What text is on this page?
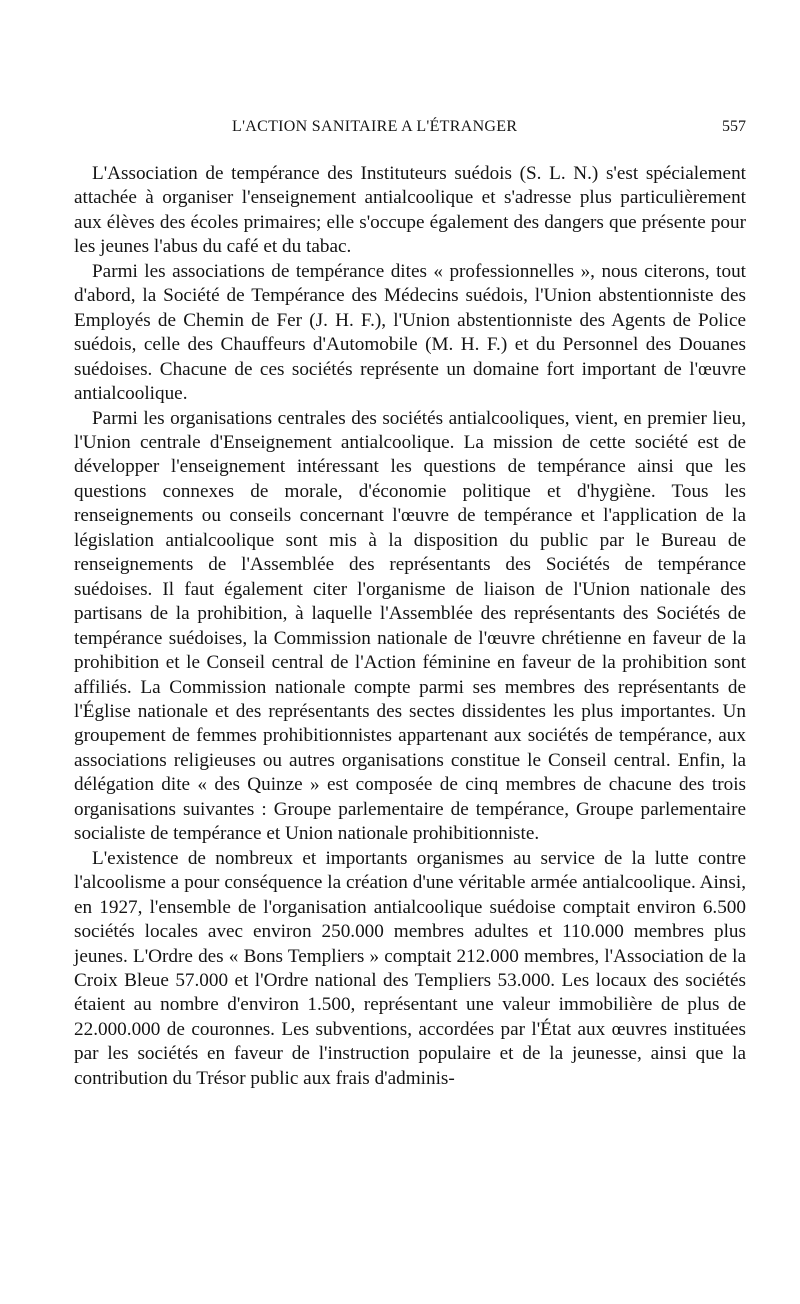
L'ACTION SANITAIRE A L'ÉTRANGER	557

L'Association de tempérance des Instituteurs suédois (S. L. N.) s'est spécialement attachée à organiser l'enseignement antialcoolique et s'adresse plus particulièrement aux élèves des écoles primaires; elle s'occupe également des dangers que présente pour les jeunes l'abus du café et du tabac.

Parmi les associations de tempérance dites « professionnelles », nous citerons, tout d'abord, la Société de Tempérance des Médecins suédois, l'Union abstentionniste des Employés de Chemin de Fer (J. H. F.), l'Union abstentionniste des Agents de Police suédois, celle des Chauffeurs d'Automobile (M. H. F.) et du Personnel des Douanes suédoises. Chacune de ces sociétés représente un domaine fort important de l'œuvre antialcoolique.

Parmi les organisations centrales des sociétés antialcooliques, vient, en premier lieu, l'Union centrale d'Enseignement antialcoolique. La mission de cette société est de développer l'enseignement intéressant les questions de tempérance ainsi que les questions connexes de morale, d'économie politique et d'hygiène. Tous les renseignements ou conseils concernant l'œuvre de tempérance et l'application de la législation antialcoolique sont mis à la disposition du public par le Bureau de renseignements de l'Assemblée des représentants des Sociétés de tempérance suédoises. Il faut également citer l'organisme de liaison de l'Union nationale des partisans de la prohibition, à laquelle l'Assemblée des représentants des Sociétés de tempérance suédoises, la Commission nationale de l'œuvre chrétienne en faveur de la prohibition et le Conseil central de l'Action féminine en faveur de la prohibition sont affiliés. La Commission nationale compte parmi ses membres des représentants de l'Église nationale et des représentants des sectes dissidentes les plus importantes. Un groupement de femmes prohibitionnistes appartenant aux sociétés de tempérance, aux associations religieuses ou autres organisations constitue le Conseil central. Enfin, la délégation dite « des Quinze » est composée de cinq membres de chacune des trois organisations suivantes : Groupe parlementaire de tempérance, Groupe parlementaire socialiste de tempérance et Union nationale prohibitionniste.

L'existence de nombreux et importants organismes au service de la lutte contre l'alcoolisme a pour conséquence la création d'une véritable armée antialcoolique. Ainsi, en 1927, l'ensemble de l'organisation antialcoolique suédoise comptait environ 6.500 sociétés locales avec environ 250.000 membres adultes et 110.000 membres plus jeunes. L'Ordre des « Bons Templiers » comptait 212.000 membres, l'Association de la Croix Bleue 57.000 et l'Ordre national des Templiers 53.000. Les locaux des sociétés étaient au nombre d'environ 1.500, représentant une valeur immobilière de plus de 22.000.000 de couronnes. Les subventions, accordées par l'État aux œuvres instituées par les sociétés en faveur de l'instruction populaire et de la jeunesse, ainsi que la contribution du Trésor public aux frais d'adminis-
